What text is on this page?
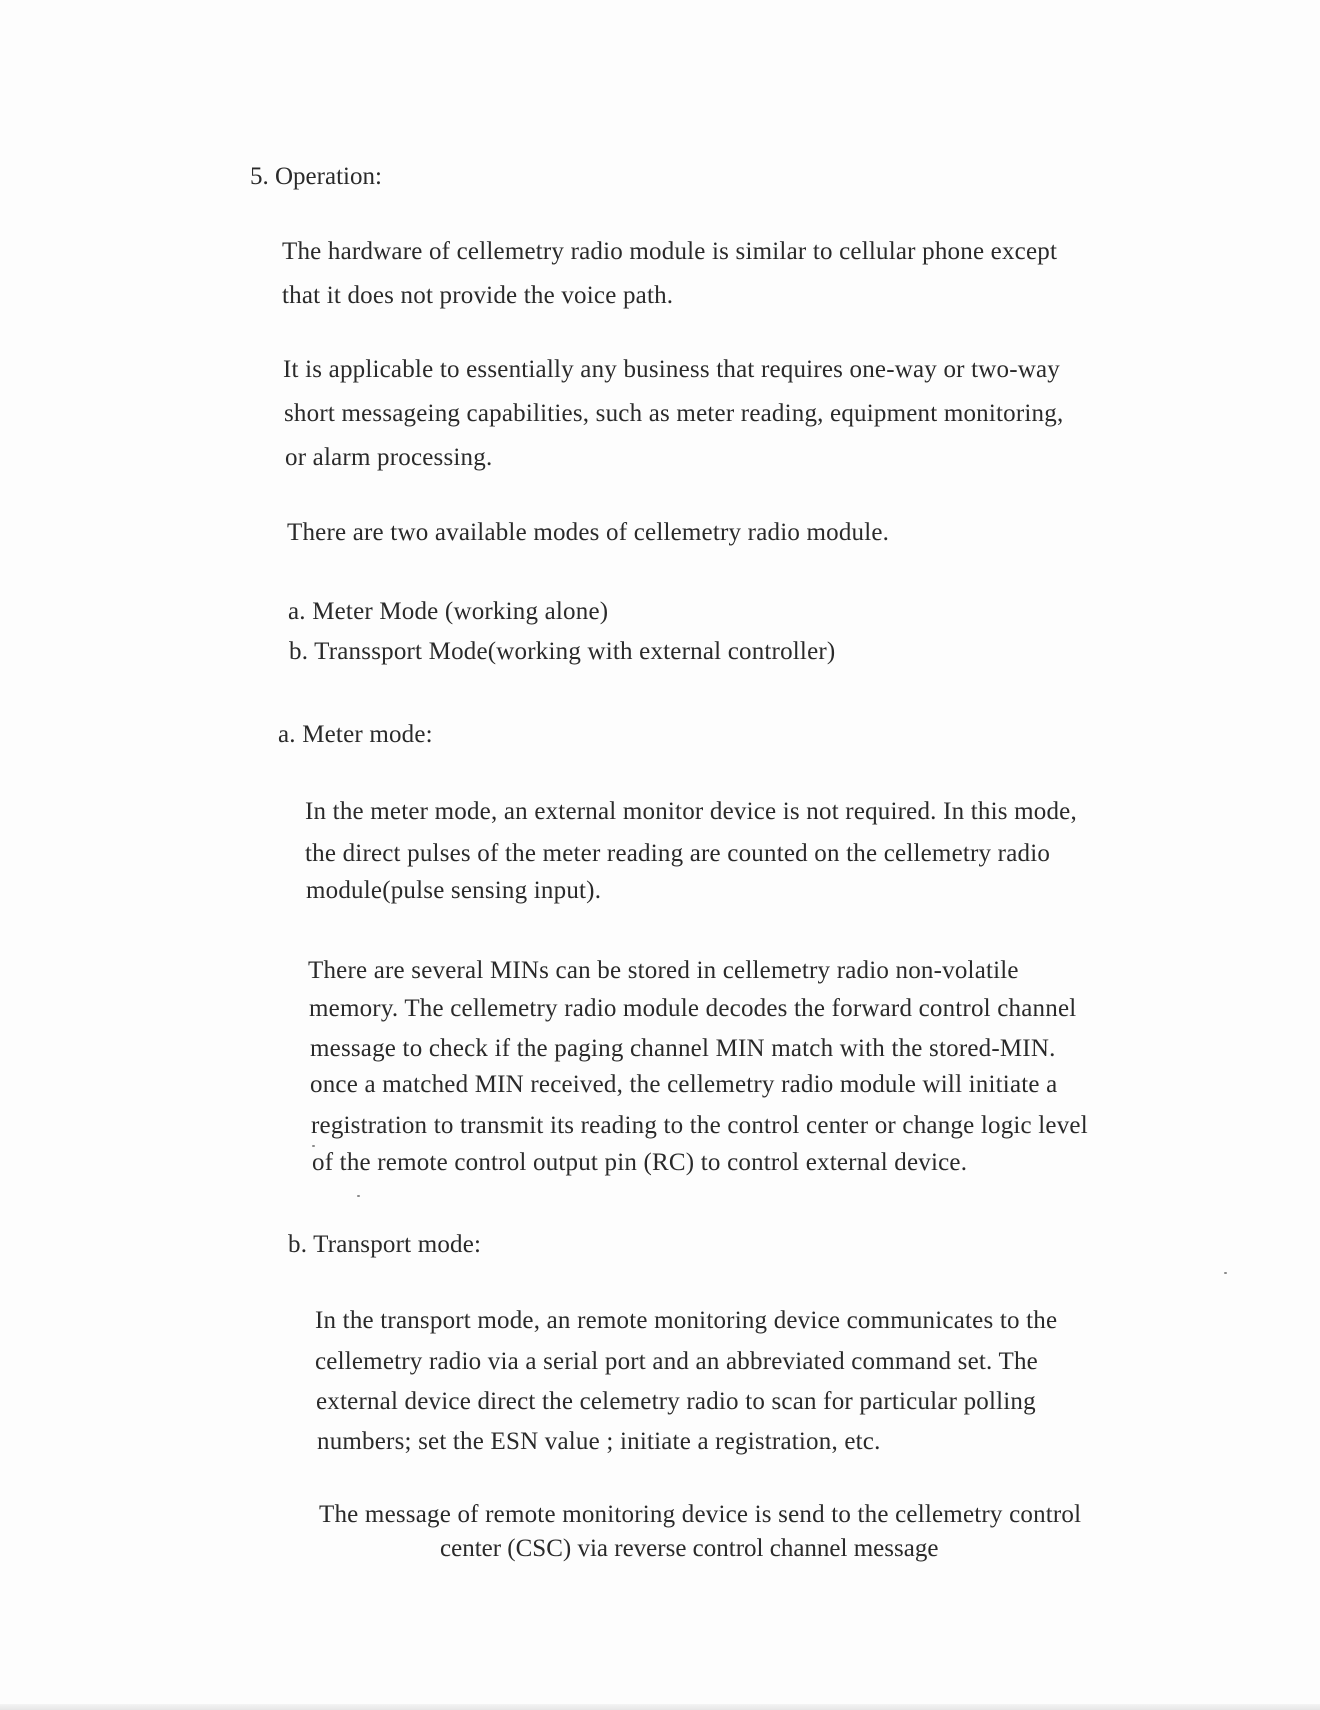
5. Operation:
The hardware of cellemetry radio module is similar to cellular phone except
that it does not provide the voice path.
It is applicable to essentially any business that requires one-way or two-way
short messageing capabilities, such as meter reading, equipment monitoring,
or alarm processing.
There are two available modes of cellemetry radio module.
a. Meter Mode (working alone)
b. Transsport Mode(working with external controller)
a. Meter mode:
In the meter mode, an external monitor device is not required. In this mode,
the direct pulses of the meter reading are counted on the cellemetry radio
module(pulse sensing input).
There are several MINs can be stored in cellemetry radio non-volatile
memory. The cellemetry radio module decodes the forward control channel
message to check if the paging channel MIN match with the stored-MIN.
once a matched MIN received, the cellemetry radio module will initiate a
registration to transmit its reading to the control center or change logic level
of the remote control output pin (RC) to control external device.
b. Transport mode:
In the transport mode, an remote monitoring device communicates to the
cellemetry radio via a serial port and an abbreviated command set. The
external device direct the celemetry radio to scan for particular polling
numbers; set the ESN value ; initiate a registration, etc.
The message of remote monitoring device is send to the cellemetry control
center (CSC) via reverse control channel message
